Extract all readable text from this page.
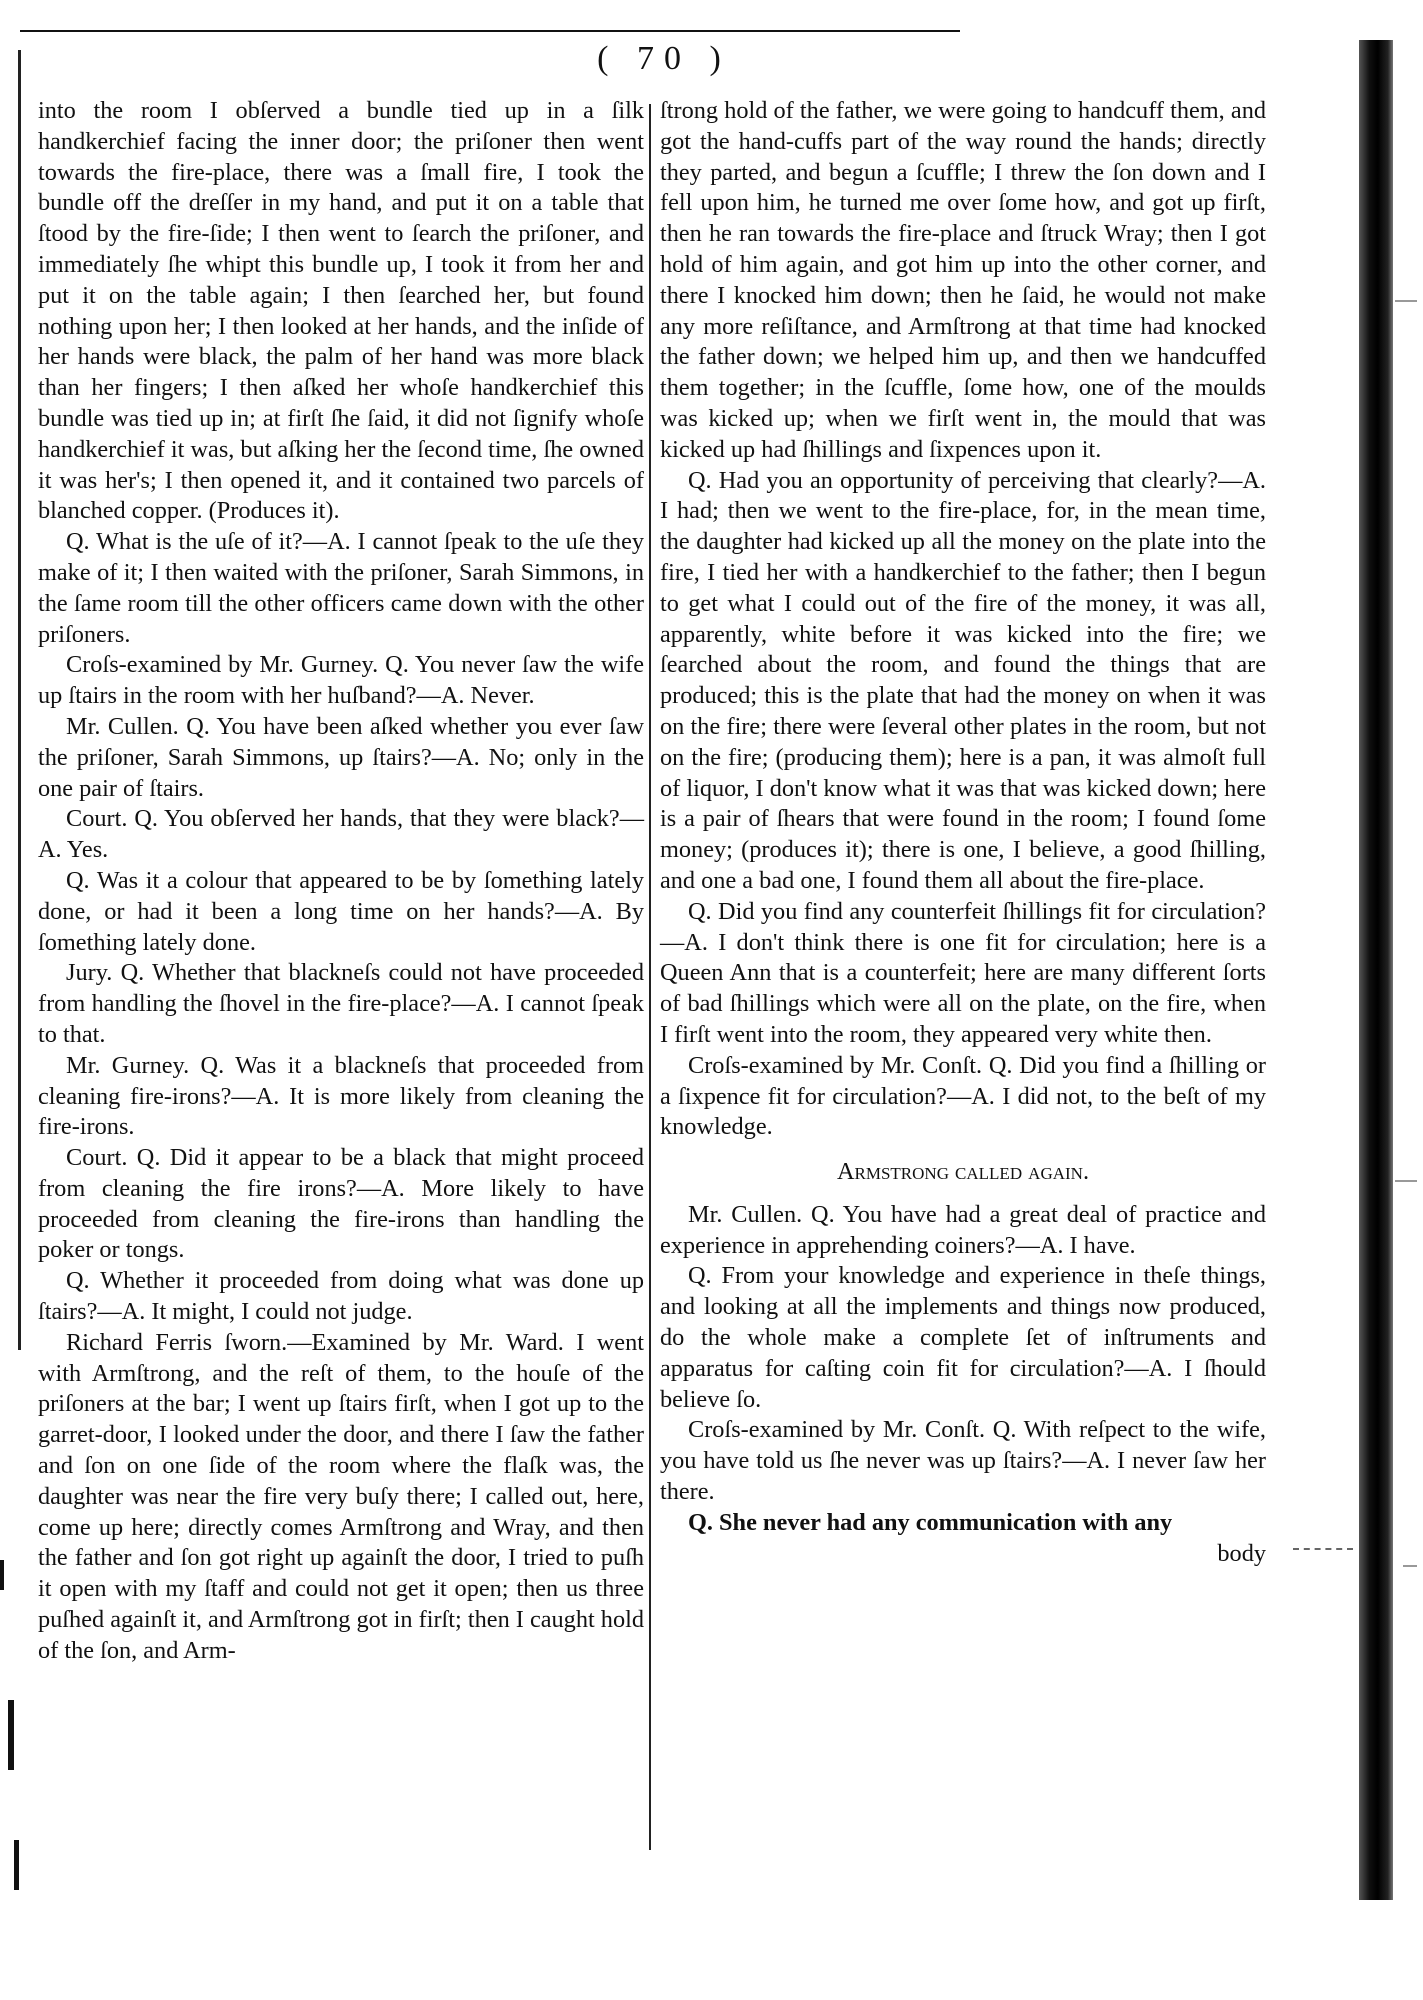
( 70 )

into the room I obſerved a bundle tied up in a ſilk handkerchief facing the inner door; the priſoner then went towards the fire-place, there was a ſmall fire, I took the bundle off the dreſſer in my hand, and put it on a table that ſtood by the fire-ſide; I then went to ſearch the priſoner, and immediately ſhe whipt this bundle up, I took it from her and put it on the table again; I then ſearched her, but found nothing upon her; I then looked at her hands, and the inſide of her hands were black, the palm of her hand was more black than her fingers; I then aſked her whoſe handkerchief this bundle was tied up in; at firſt ſhe ſaid, it did not ſignify whoſe handkerchief it was, but aſking her the ſecond time, ſhe owned it was her's; I then opened it, and it contained two parcels of blanched copper. (Produces it).

Q. What is the uſe of it?—A. I cannot ſpeak to the uſe they make of it; I then waited with the priſoner, Sarah Simmons, in the ſame room till the other officers came down with the other priſoners.

Croſs-examined by Mr. Gurney. Q. You never ſaw the wife up ſtairs in the room with her huſband?—A. Never.

Mr. Cullen. Q. You have been aſked whether you ever ſaw the priſoner, Sarah Simmons, up ſtairs?—A. No; only in the one pair of ſtairs.

Court. Q. You obſerved her hands, that they were black?—A. Yes.

Q. Was it a colour that appeared to be by ſomething lately done, or had it been a long time on her hands?—A. By ſomething lately done.

Jury. Q. Whether that blackneſs could not have proceeded from handling the ſhovel in the fire-place?—A. I cannot ſpeak to that.

Mr. Gurney. Q. Was it a blackneſs that proceeded from cleaning fire-irons?—A. It is more likely from cleaning the fire-irons.

Court. Q. Did it appear to be a black that might proceed from cleaning the fire irons?—A. More likely to have proceeded from cleaning the fire-irons than handling the poker or tongs.

Q. Whether it proceeded from doing what was done up ſtairs?—A. It might, I could not judge.

Richard Ferris ſworn.—Examined by Mr. Ward. I went with Armſtrong, and the reſt of them, to the houſe of the priſoners at the bar; I went up ſtairs firſt, when I got up to the garret-door, I looked under the door, and there I ſaw the father and ſon on one ſide of the room where the flaſk was, the daughter was near the fire very buſy there; I called out, here, come up here; directly comes Armſtrong and Wray, and then the father and ſon got right up againſt the door, I tried to puſh it open with my ſtaff and could not get it open; then us three puſhed againſt it, and Armſtrong got in firſt; then I caught hold of the ſon, and Arm-

ſtrong hold of the father, we were going to handcuff them, and got the hand-cuffs part of the way round the hands; directly they parted, and begun a ſcuffle; I threw the ſon down and I fell upon him, he turned me over ſome how, and got up firſt, then he ran towards the fire-place and ſtruck Wray; then I got hold of him again, and got him up into the other corner, and there I knocked him down; then he ſaid, he would not make any more reſiſtance, and Armſtrong at that time had knocked the father down; we helped him up, and then we handcuffed them together; in the ſcuffle, ſome how, one of the moulds was kicked up; when we firſt went in, the mould that was kicked up had ſhillings and ſixpences upon it.

Q. Had you an opportunity of perceiving that clearly?—A. I had; then we went to the fire-place, for, in the mean time, the daughter had kicked up all the money on the plate into the fire, I tied her with a handkerchief to the father; then I begun to get what I could out of the fire of the money, it was all, apparently, white before it was kicked into the fire; we ſearched about the room, and found the things that are produced; this is the plate that had the money on when it was on the fire; there were ſeveral other plates in the room, but not on the fire; (producing them); here is a pan, it was almoſt full of liquor, I don't know what it was that was kicked down; here is a pair of ſhears that were found in the room; I found ſome money; (produces it); there is one, I believe, a good ſhilling, and one a bad one, I found them all about the fire-place.

Q. Did you find any counterfeit ſhillings fit for circulation?—A. I don't think there is one fit for circulation; here is a Queen Ann that is a counterfeit; here are many different ſorts of bad ſhillings which were all on the plate, on the fire, when I firſt went into the room, they appeared very white then.

Croſs-examined by Mr. Conſt. Q. Did you find a ſhilling or a ſixpence fit for circulation?—A. I did not, to the beſt of my knowledge.

Armstrong called again.

Mr. Cullen. Q. You have had a great deal of practice and experience in apprehending coiners?—A. I have.

Q. From your knowledge and experience in theſe things, and looking at all the implements and things now produced, do the whole make a complete ſet of inſtruments and apparatus for caſting coin fit for circulation?—A. I ſhould believe ſo.

Croſs-examined by Mr. Conſt. Q. With reſpect to the wife, you have told us ſhe never was up ſtairs?—A. I never ſaw her there.

Q. She never had any communication with any

body
